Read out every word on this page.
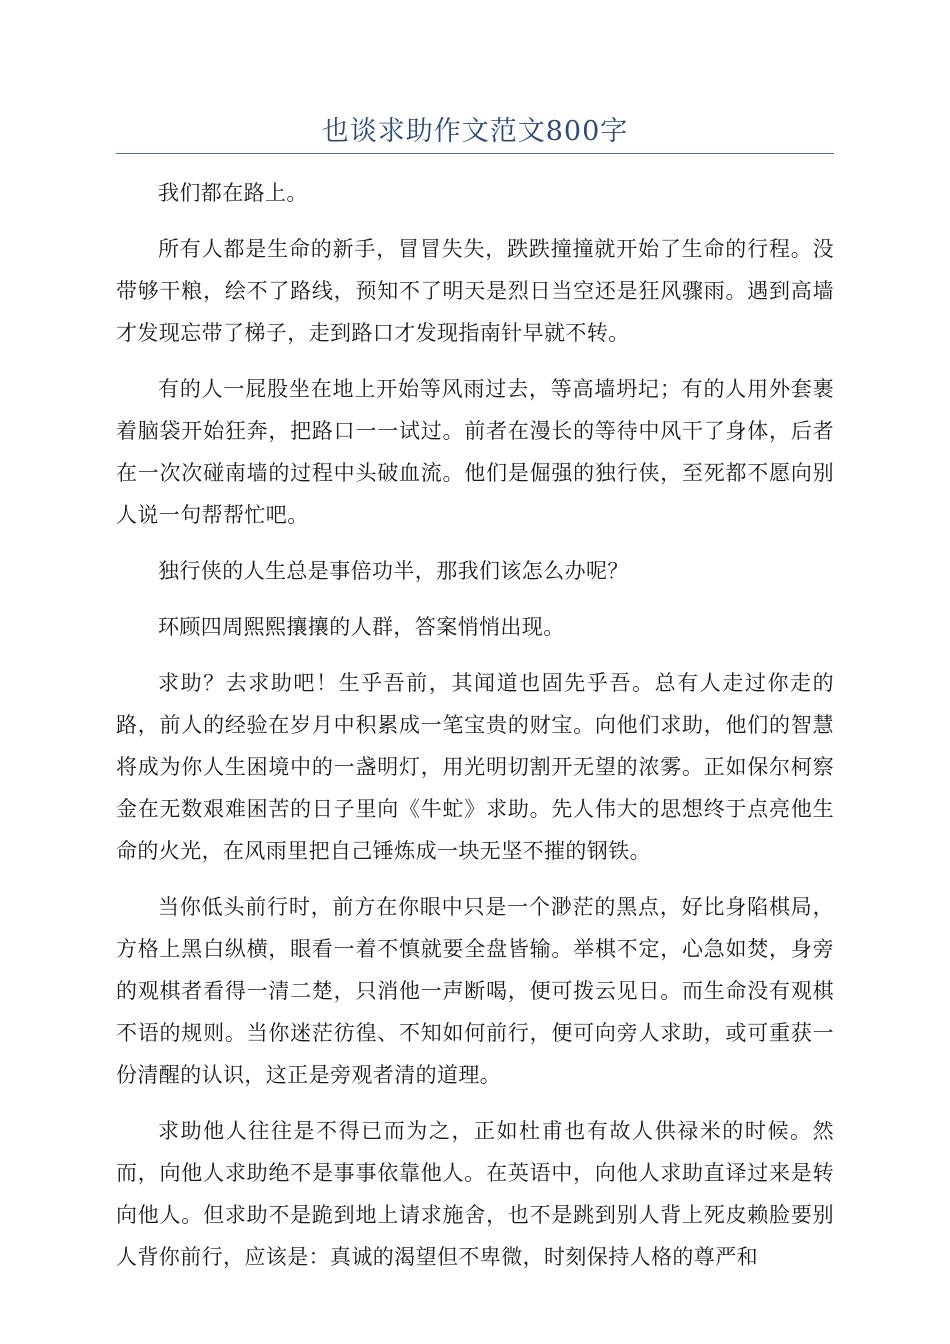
也谈求助作文范文800字

我们都在路上。

所有人都是生命的新手，冒冒失失，跌跌撞撞就开始了生命的行程。没带够干粮，绘不了路线，预知不了明天是烈日当空还是狂风骤雨。遇到高墙才发现忘带了梯子，走到路口才发现指南针早就不转。

有的人一屁股坐在地上开始等风雨过去，等高墙坍圮；有的人用外套裹着脑袋开始狂奔，把路口一一试过。前者在漫长的等待中风干了身体，后者在一次次碰南墙的过程中头破血流。他们是倔强的独行侠，至死都不愿向别人说一句帮帮忙吧。

独行侠的人生总是事倍功半，那我们该怎么办呢？

环顾四周熙熙攘攘的人群，答案悄悄出现。

求助？去求助吧！生乎吾前，其闻道也固先乎吾。总有人走过你走的路，前人的经验在岁月中积累成一笔宝贵的财宝。向他们求助，他们的智慧将成为你人生困境中的一盏明灯，用光明切割开无望的浓雾。正如保尔柯察金在无数艰难困苦的日子里向《牛虻》求助。先人伟大的思想终于点亮他生命的火光，在风雨里把自己锤炼成一块无坚不摧的钢铁。

当你低头前行时，前方在你眼中只是一个渺茫的黑点，好比身陷棋局，方格上黑白纵横，眼看一着不慎就要全盘皆输。举棋不定，心急如焚，身旁的观棋者看得一清二楚，只消他一声断喝，便可拨云见日。而生命没有观棋不语的规则。当你迷茫彷徨、不知如何前行，便可向旁人求助，或可重获一份清醒的认识，这正是旁观者清的道理。

求助他人往往是不得已而为之，正如杜甫也有故人供禄米的时候。然而，向他人求助绝不是事事依靠他人。在英语中，向他人求助直译过来是转向他人。但求助不是跪到地上请求施舍，也不是跳到别人背上死皮赖脸要别人背你前行，应该是：真诚的渴望但不卑微，时刻保持人格的尊严和
